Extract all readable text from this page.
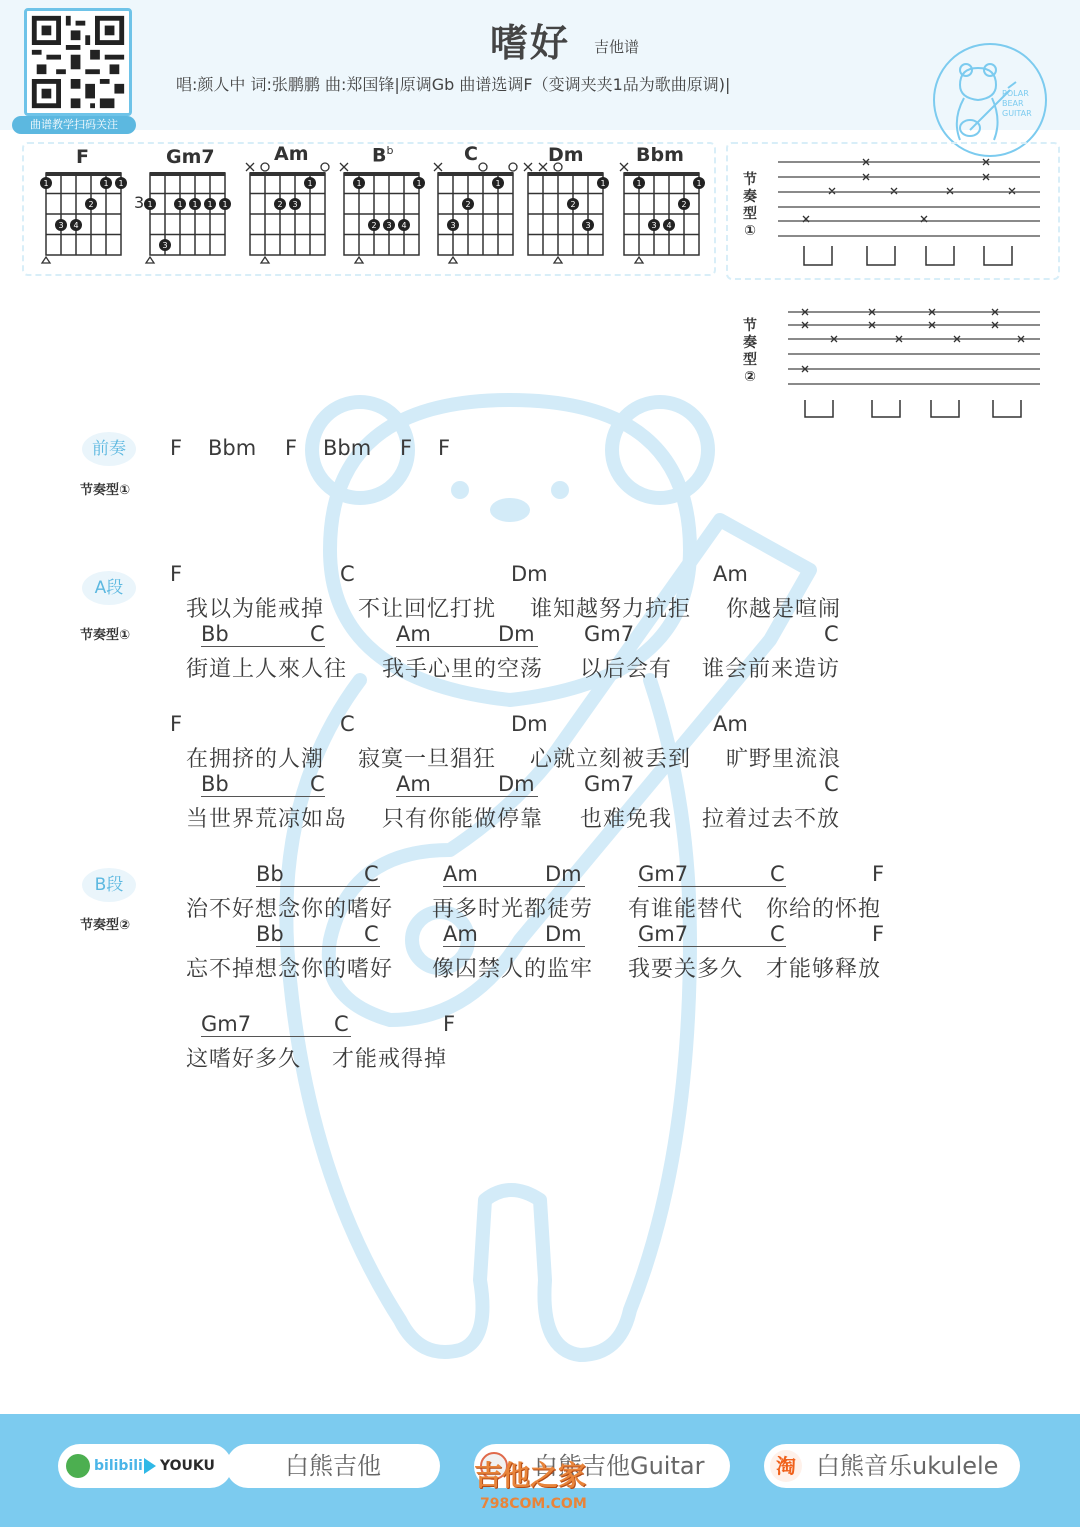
曲谱教学扫码关注
嗜好 吉他谱
唱:颜人中 词:张鹏鹏 曲:郑国锋|原调Gb 曲谱选调F（变调夹夹1品为歌曲原调)|	POLAR
BEAR
GUITAR
F	Gm7	Am	$B^b$	C	Dm	Bbm
3
1	1 1
2
3 4
1	1 1 1 1
3
1
2 3
1	1
2 3 4
1
2
3
1
2
3
1	1
2
3 4
节奏型①
节奏型②
前奏
节奏型①
F Bbm F Bbm F F
A段
节奏型①
F	C	Dm	Am
我以为能戒掉 不让回忆打扰 谁知越努力抗拒 你越是喧闹
Bb	C	Am	Dm Gm7	C
街道上人來人往 我手心里的空荡 以后会有 谁会前来造访
F	C	Dm	Am
在拥挤的人潮 寂寞一旦猖狂 心就立刻被丢到 旷野里流浪
Bb	C	Am	Dm Gm7	C
当世界荒凉如岛 只有你能做停靠 也难免我 拉着过去不放
B段
节奏型②
Bb	C	Am	Dm	Gm7	C	F
治不好想念你的嗜好 再多时光都徒劳 有谁能替代 你给的怀抱
Bb	C	Am	Dm	Gm7	C	F
忘不掉想念你的嗜好 像囚禁人的监牢 我要关多久 才能够释放
Gm7	C	F
这嗜好多久 才能戒得掉
bilibili YOUKU	白熊吉他	白熊吉他Guitar
吉他之家
798COM.COM
淘 白熊音乐ukulele
